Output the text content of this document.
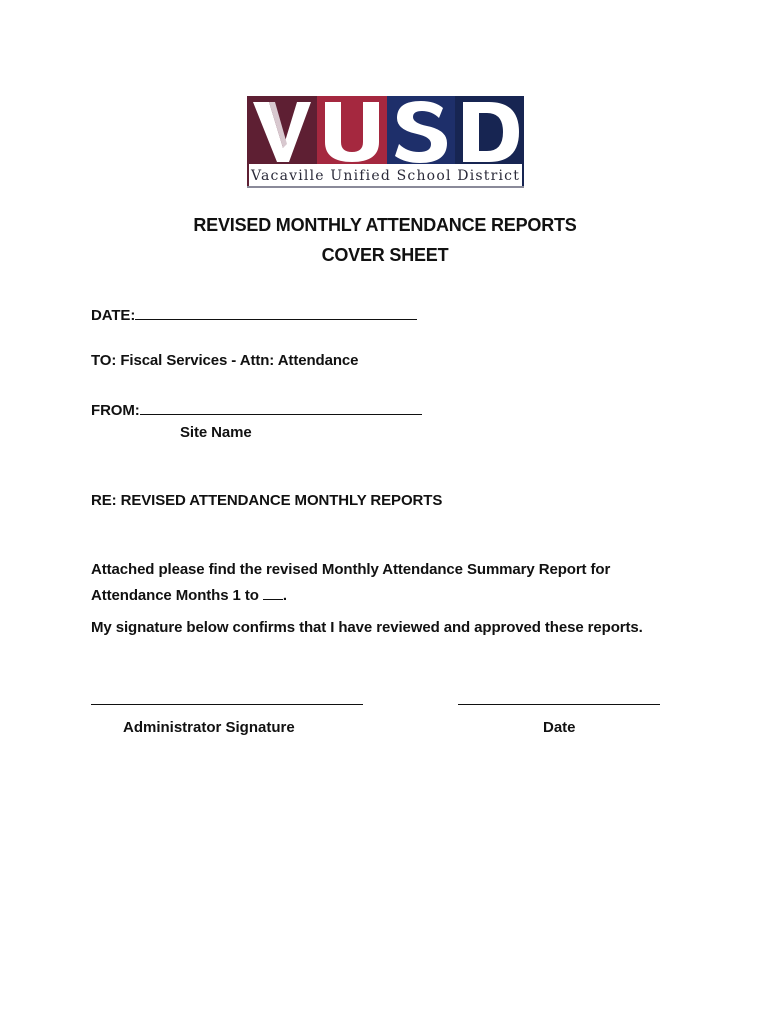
Vacaville Unified School District
REVISED MONTHLY ATTENDANCE REPORTS
COVER SHEET
DATE:
TO: Fiscal Services - Attn: Attendance
FROM:
Site Name
RE: REVISED ATTENDANCE MONTHLY REPORTS
Attached please find the revised Monthly Attendance Summary Report for
Attendance Months 1 to .
My signature below confirms that I have reviewed and approved these reports.
Administrator Signature	Date
